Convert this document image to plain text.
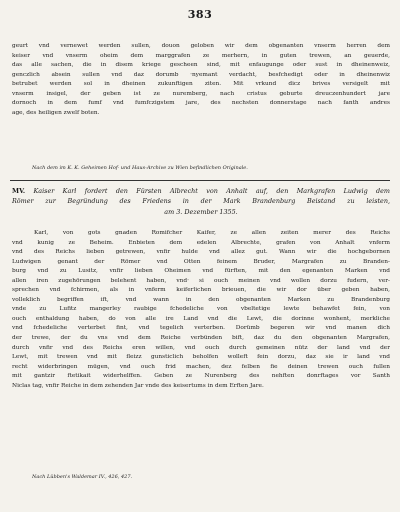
383
geurt vnd vernewet werden sullen, douon geloben wir dem obgenanten vnserm herren dem
keiser vnd vnserm oheim dem marggrafen ze merhern, in guten trewen, an geuerde,
das alle sachen, die in disem kriege gescheen sind, mit enfaugunge oder sust in dheinenweiz,
genczlich absein sullen vnd daz dorumb ·nyemant verdacht, besfchedigt oder in dheinenwiz
betrubet werden sol in dheinen zukunftigen ziten. Mit vrkund dicz brives versigelt mit
vnserm insigel, der geben ist ze nuremberg, nach cristus geburte dreuczenhundert jare
dornoch in dem fumf vnd fumfczigstem jare, des nechsten donnerstage nach fanth andres
age, des heiligen zwelf boten.
Nach dem im K. K. Geheimen Hof- und Haus-Archive zu Wien befindlichen Originale.
MV. Kaiser Karl fordert den Fürsten Albrecht von Anhalt auf, den Markgrafen Ludwig dem
Römer zur Begründung des Friedens in der Mark Brandenburg Beistand zu leisten,
am 3. Dezember 1355.
Karl, von gots gnaden Romifcher Kaifer, ze allen zeiten merer des Reichs
vnd kunig ze Beheim. Enbieten dem edelen Albrechte, grafen von Anhalt vnferm
vnd des Reichs lieben getrewen, vnfir hulde vnd allez gut. Wann wir die hochgebornen
Ludwigen genant der Römer vnd Otten feinem Bruder, Margrafen zu Branden-
burg vnd zu Lusitz, vnfir lieben Oheimen vnd fürften, mit den egenanten Marken vnd
allen iren zugehörungen belehent haben, vnd· si ouch meinen vnd wollen dorzu fudern, ver-
sprechen vnd fchirmen, als in vnferm keiferlichen brieuen, die wir dor über geben haben,
volleklich begriffen ift, vnd wann in den obgenanten Marken zu Brandenburg
vnde zu Lufitz mangerley raubige fchedeliche von vbeltetige lewte behawfet fein, von
ouch enthaldung haben, do von alle ire Land vnd die Lewt, die dorinne wonhent, merkliche
vnd fchedeliche verterbet fint, vnd tegelich verterben. Dorümb begeren wir vnd manen dich
der trewe, der du vns vnd dem Reiche verbünden bift, daz du den obgenanten Margrafen,
durch vnfir vnd des Reichs eren willen, vnd ouch durch gemeinen nütz der land vnd der
Lewt, mit trewen vnd mit fleizz gunsticlich beholfen wolleft fein dorzu, daz sie ir land vnd
recht widerbringen mügen, vnd ouch frid machen, dez felben fie deinen trewen ouch fullen
mit gantzir ftetikait widerhelffen. Geben ze Nurenberg des nehften donrftages vor Santh
Niclas tag, vnfir Reiche in dem zehenden Jar vnde des keisertums in dem Erften Jare.
Nach Lübben's Waldemar IV., 426, 427.
